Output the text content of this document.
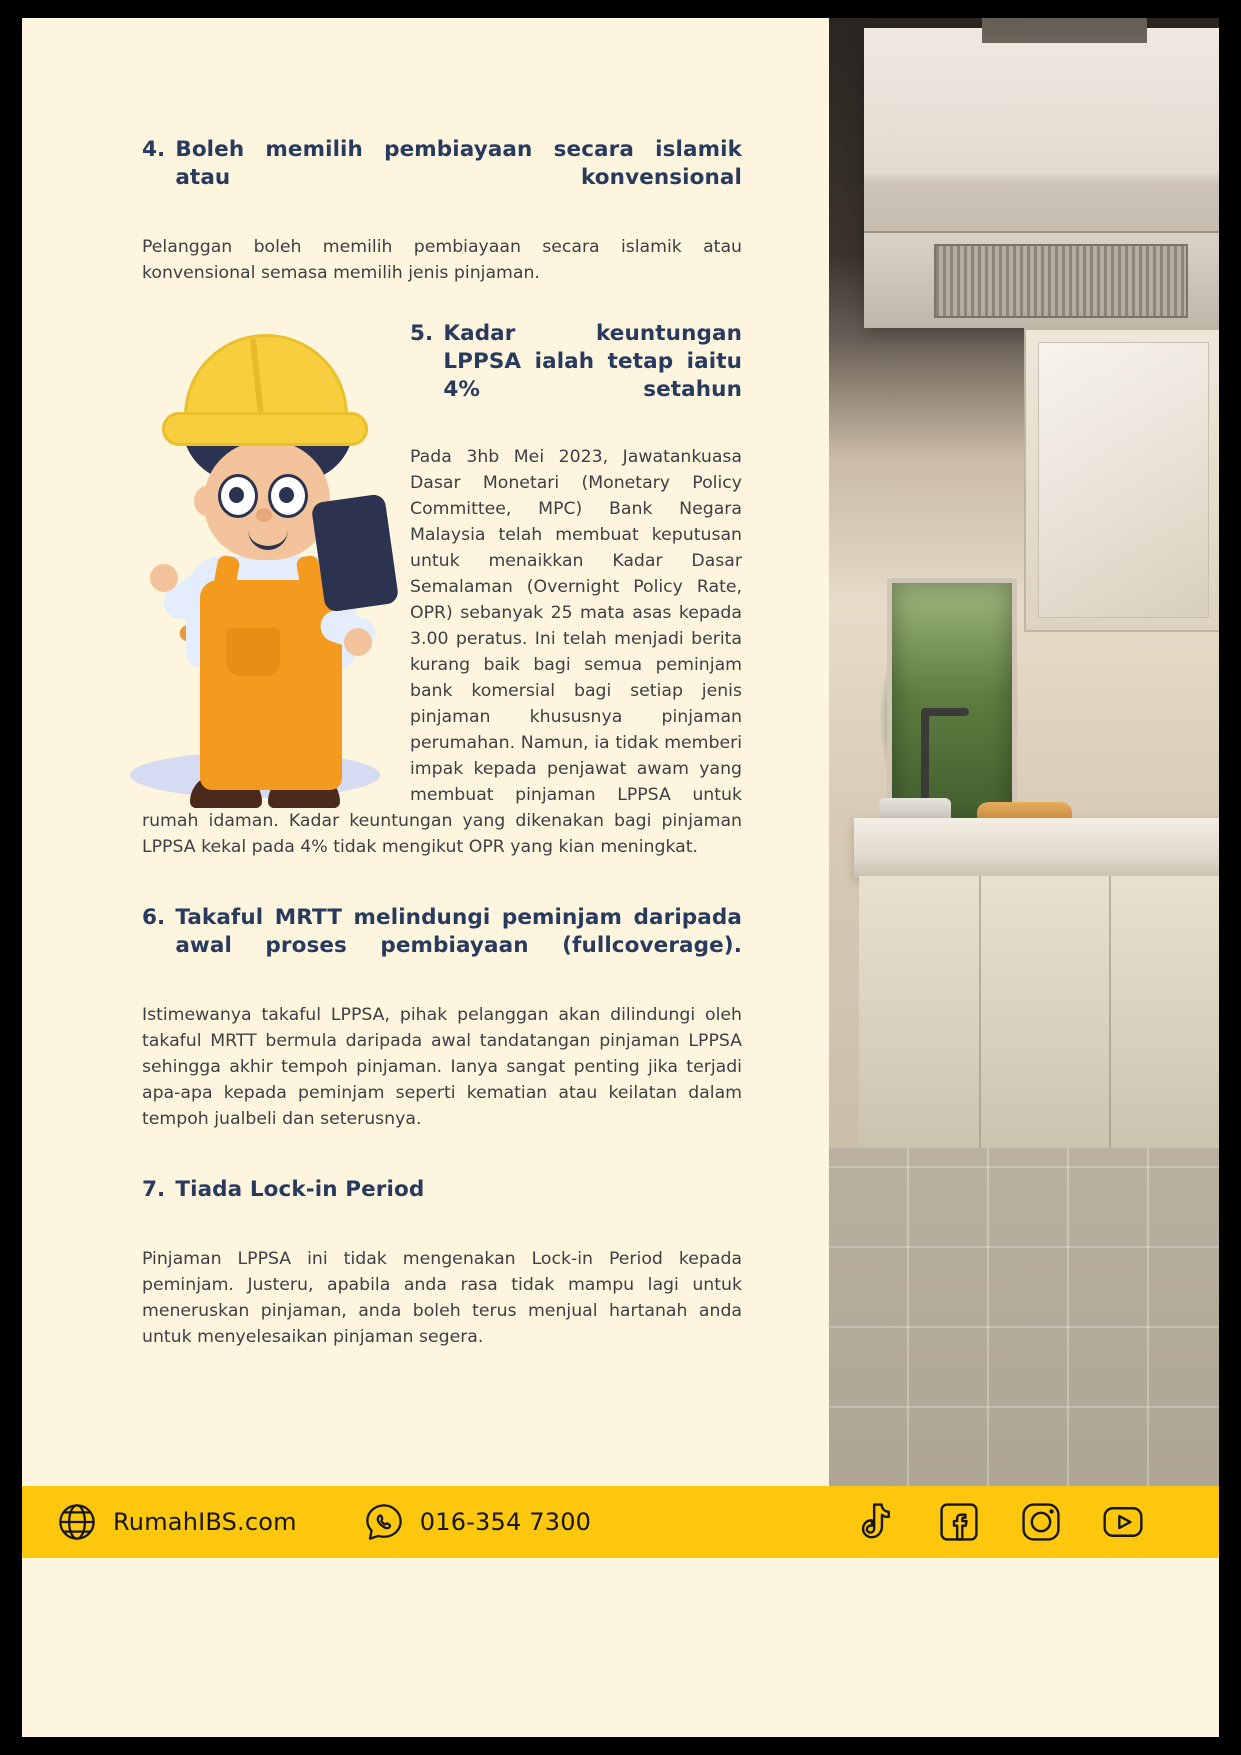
4. Boleh memilih pembiayaan secara islamik atau konvensional

Pelanggan boleh memilih pembiayaan secara islamik atau konvensional semasa memilih jenis pinjaman.

5. Kadar keuntungan LPPSA ialah tetap iaitu 4% setahun

Pada 3hb Mei 2023, Jawatankuasa Dasar Monetari (Monetary Policy Committee, MPC) Bank Negara Malaysia telah membuat keputusan untuk menaikkan Kadar Dasar Semalaman (Overnight Policy Rate, OPR) sebanyak 25 mata asas kepada 3.00 peratus. Ini telah menjadi berita kurang baik bagi semua peminjam bank komersial bagi setiap jenis pinjaman khususnya pinjaman perumahan. Namun, ia tidak memberi impak kepada penjawat awam yang membuat pinjaman LPPSA untuk rumah idaman. Kadar keuntungan yang dikenakan bagi pinjaman LPPSA kekal pada 4% tidak mengikut OPR yang kian meningkat.

6. Takaful MRTT melindungi peminjam daripada awal proses pembiayaan (fullcoverage).

Istimewanya takaful LPPSA, pihak pelanggan akan dilindungi oleh takaful MRTT bermula daripada awal tandatangan pinjaman LPPSA sehingga akhir tempoh pinjaman. Ianya sangat penting jika terjadi apa-apa kepada peminjam seperti kematian atau keilatan dalam tempoh jualbeli dan seterusnya.

7. Tiada Lock-in Period

Pinjaman LPPSA ini tidak mengenakan Lock-in Period kepada peminjam. Justeru, apabila anda rasa tidak mampu lagi untuk meneruskan pinjaman, anda boleh terus menjual hartanah anda untuk menyelesaikan pinjaman segera.

RumahIBS.com	016-354 7300
